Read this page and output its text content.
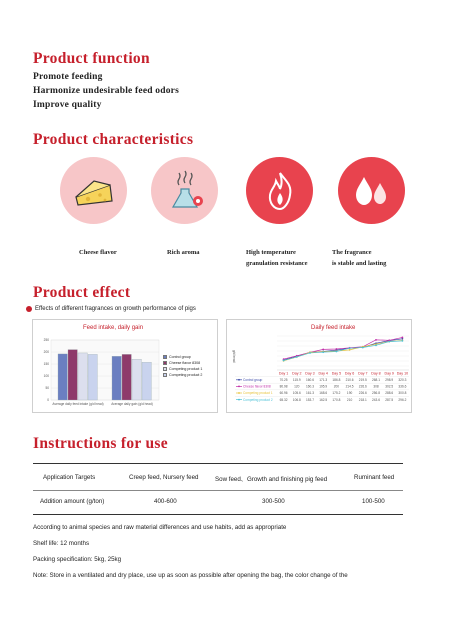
Product function
Promote feeding
Harmonize undesirable feed odors
Improve quality
Product characteristics
Cheese flavor	Rich aroma	High temperature
granulation resistance
The fragrance
is stable and lasting
Product effect
Effects of different fragrances on growth performance of pigs
Feed intake, daily gain
250
200
150
100
50
0
Average daily feed intake (g/d head) Average daily gain (g/d head)
Control group
Cheese flavor 8308
Competing product 1
Competing product 2
Daily feed intake
g/d head
Day 1 Day 2 Day 3 Day 4 Day 5 Day 6 Day 7 Day 8 Day 9 Day 10
Control group	70.25 115.9 160.6 171.3 186.8 210.6 219.5 268.1 298.9 320.3
Cheese flavor 8308	80.98 120 160.3 195.9 200 214.5 226.6 308 302.5 336.6
Competing product 1 60.96 105.6 161.3 168.6 175.2 190 226.6 256.8 288.6 300.8
Competing product 2 65.32 106.8 153.7 162.5 170.8 210 218.1 243.6 287.5 296.2
Instructions for use
Application Targets	Creep feed, Nursery feed	Sow feed、Growth and finishing pig feed	Ruminant feed
Addition amount (g/ton)	400-600	300-500	100-500
According to animal species and raw material differences and use habits, add as appropriate
Shelf life: 12 months
Packing specification: 5kg, 25kg
Note: Store in a ventilated and dry place, use up as soon as possible after opening the bag, the color change of the
